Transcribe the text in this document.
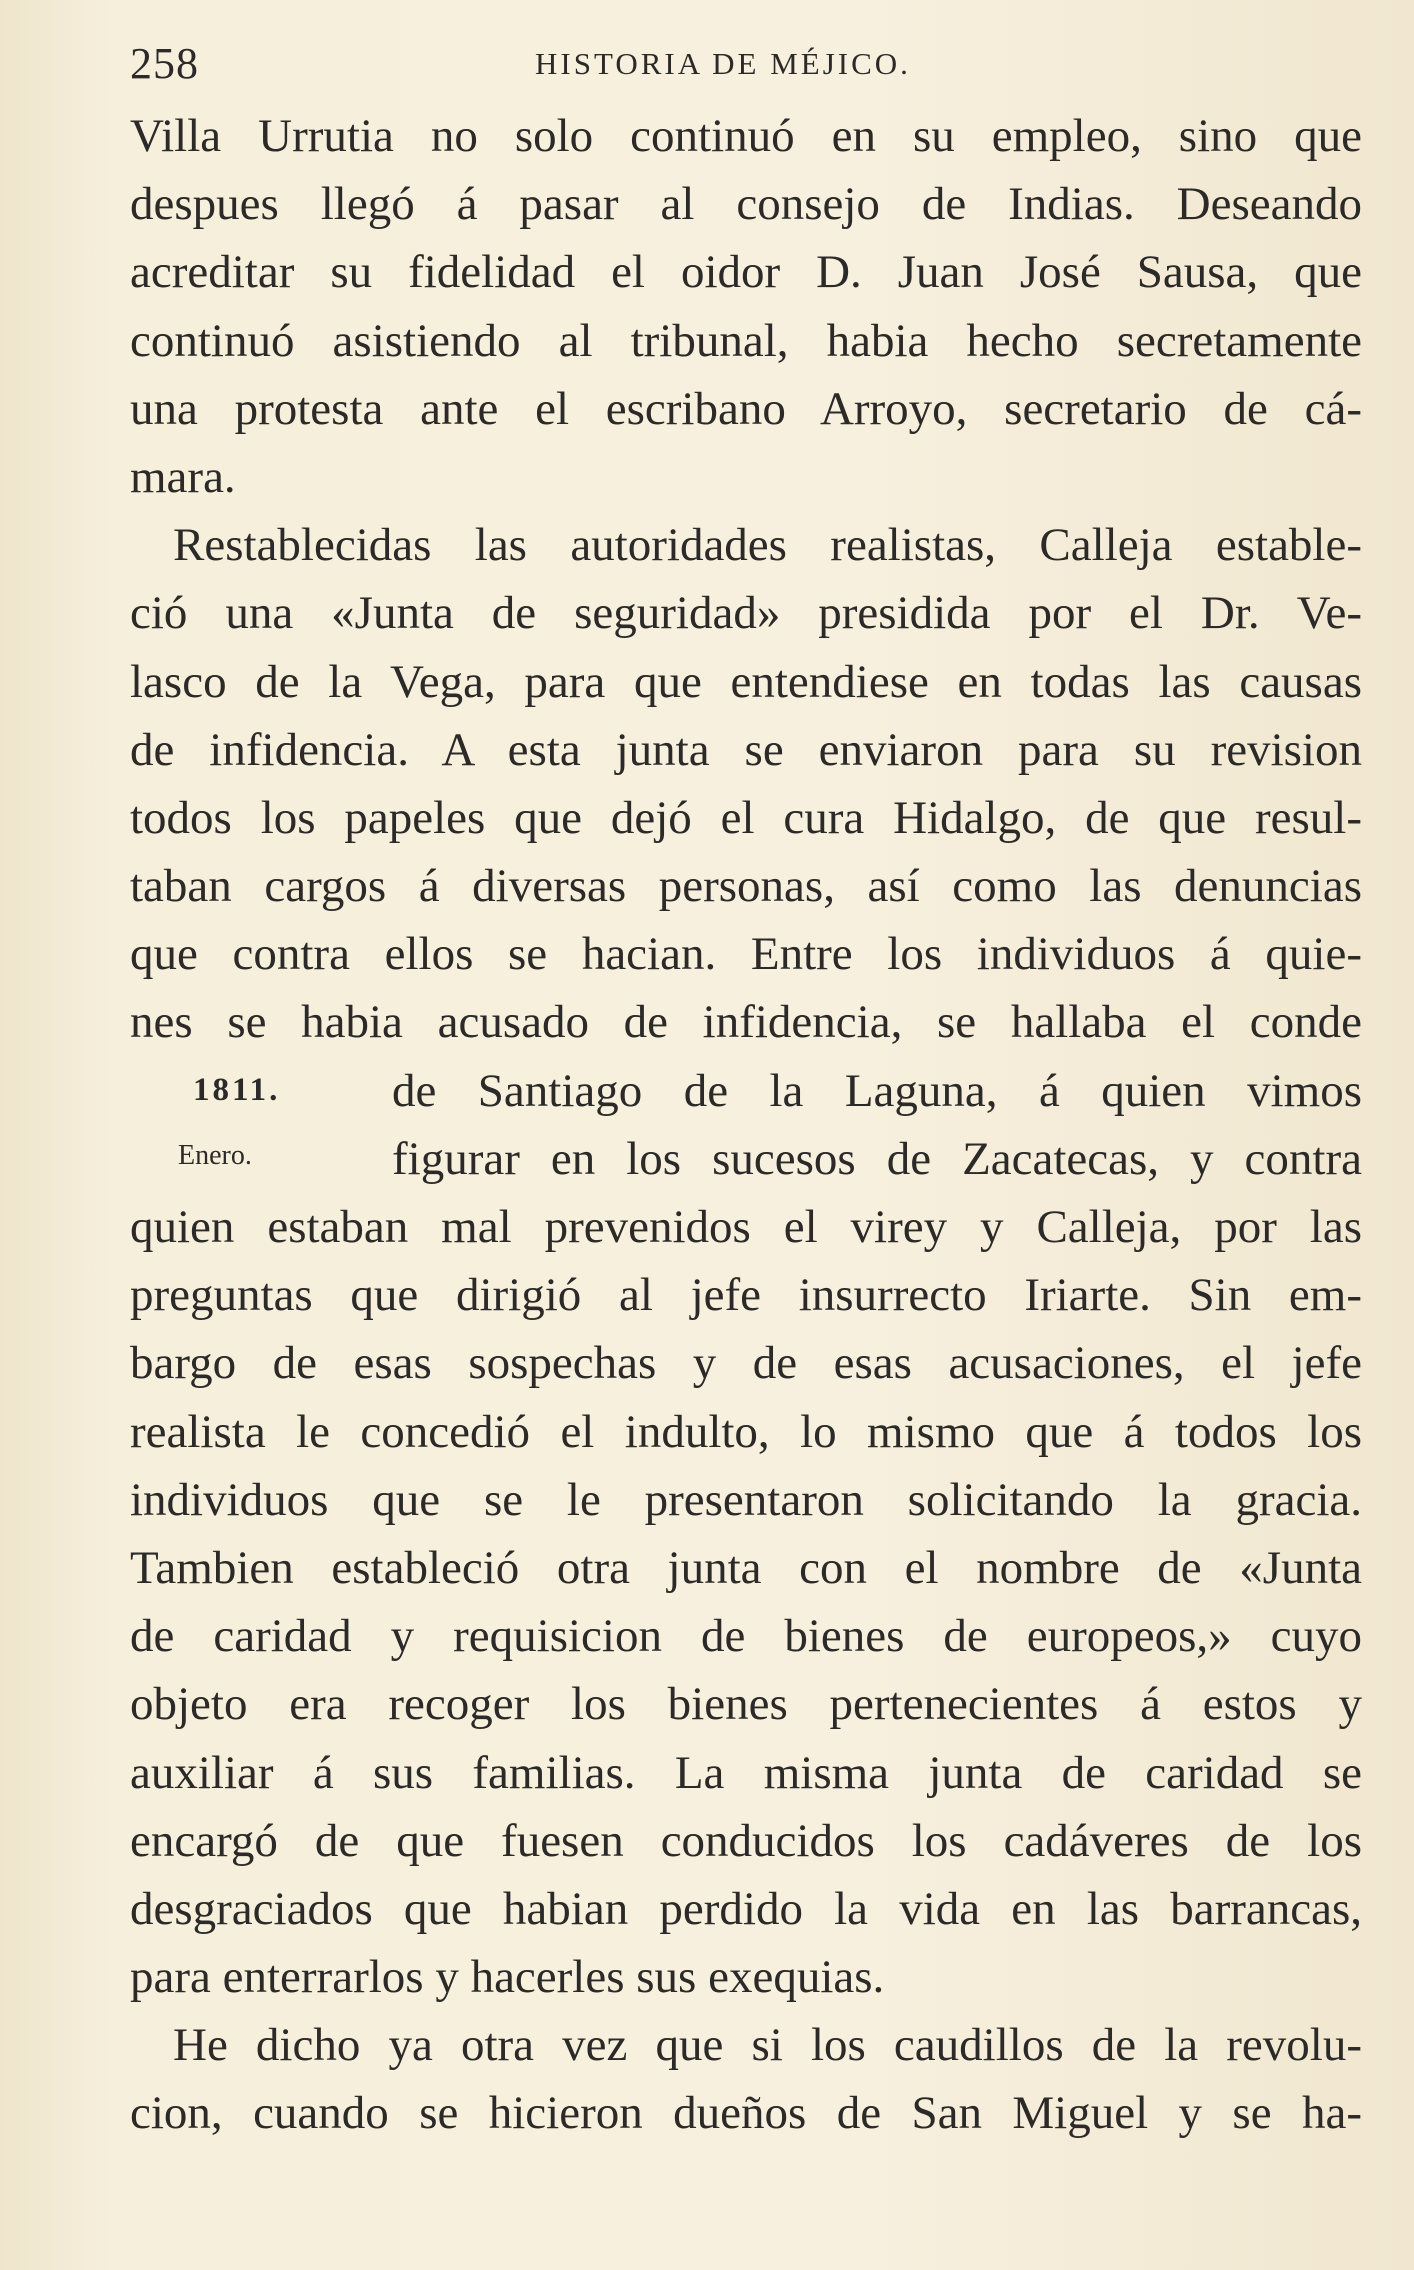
258	HISTORIA DE MÉJICO.
1811.
Enero.
Villa Urrutia no solo continuó en su empleo, sino que
despues llegó á pasar al consejo de Indias. Deseando
acreditar su fidelidad el oidor D. Juan José Sausa, que
continuó asistiendo al tribunal, habia hecho secretamente
una protesta ante el escribano Arroyo, secretario de cá-
mara.
Restablecidas las autoridades realistas, Calleja estable-
ció una «Junta de seguridad» presidida por el Dr. Ve-
lasco de la Vega, para que entendiese en todas las causas
de infidencia. A esta junta se enviaron para su revision
todos los papeles que dejó el cura Hidalgo, de que resul-
taban cargos á diversas personas, así como las denuncias
que contra ellos se hacian. Entre los individuos á quie-
nes se habia acusado de infidencia, se hallaba el conde
de Santiago de la Laguna, á quien vimos
figurar en los sucesos de Zacatecas, y contra
quien estaban mal prevenidos el virey y Calleja, por las
preguntas que dirigió al jefe insurrecto Iriarte. Sin em-
bargo de esas sospechas y de esas acusaciones, el jefe
realista le concedió el indulto, lo mismo que á todos los
individuos que se le presentaron solicitando la gracia.
Tambien estableció otra junta con el nombre de «Junta
de caridad y requisicion de bienes de europeos,» cuyo
objeto era recoger los bienes pertenecientes á estos y
auxiliar á sus familias. La misma junta de caridad se
encargó de que fuesen conducidos los cadáveres de los
desgraciados que habian perdido la vida en las barrancas,
para enterrarlos y hacerles sus exequias.
He dicho ya otra vez que si los caudillos de la revolu-
cion, cuando se hicieron dueños de San Miguel y se ha-
